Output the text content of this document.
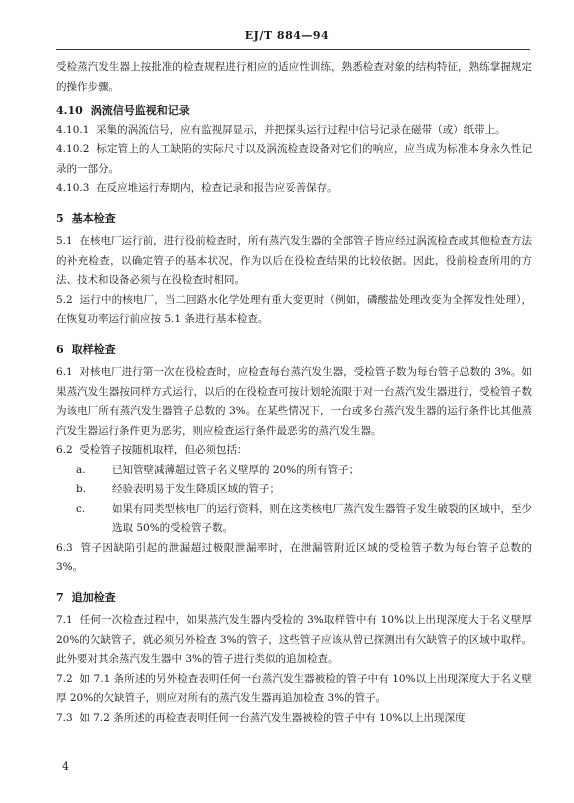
EJ/T 884—94

受检蒸汽发生器上按批准的检查规程进行相应的适应性训练，熟悉检查对象的结构特征，熟练掌握规定的操作步骤。

4.10 涡流信号监视和记录

4.10.1 采集的涡流信号，应有监视屏显示，并把探头运行过程中信号记录在磁带（或）纸带上。

4.10.2 标定管上的人工缺陷的实际尺寸以及涡流检查设备对它们的响应，应当成为标准本身永久性记录的一部分。

4.10.3 在反应堆运行寿期内，检查记录和报告应妥善保存。

5 基本检查

5.1 在核电厂运行前，进行役前检查时，所有蒸汽发生器的全部管子皆应经过涡流检查或其他检查方法的补充检查，以确定管子的基本状况，作为以后在役检查结果的比较依据。因此，役前检查所用的方法、技术和设备必须与在役检查时相同。

5.2 运行中的核电厂，当二回路水化学处理有重大变更时（例如，磷酸盐处理改变为全挥发性处理），在恢复功率运行前应按 5.1 条进行基本检查。

6 取样检查

6.1 对核电厂进行第一次在役检查时，应检查每台蒸汽发生器，受检管子数为每台管子总数的 3%。如果蒸汽发生器按同样方式运行，以后的在役检查可按计划轮流限于对一台蒸汽发生器进行，受检管子数为该电厂所有蒸汽发生器管子总数的 3%。在某些情况下，一台或多台蒸汽发生器的运行条件比其他蒸汽发生器运行条件更为恶劣，则应检查运行条件最恶劣的蒸汽发生器。

6.2 受检管子按随机取样，但必须包括：

a.	已知管壁减薄超过管子名义壁厚的 20%的所有管子；
b.	经验表明易于发生降质区域的管子；
c.	如果有同类型核电厂的运行资料，则在这类核电厂蒸汽发生器管子发生破裂的区域中，至少选取 50%的受检管子数。

6.3 管子因缺陷引起的泄漏超过极限泄漏率时，在泄漏管附近区域的受检管子数为每台管子总数的 3%。

7 追加检查

7.1 任何一次检查过程中，如果蒸汽发生器内受检的 3%取样管中有 10%以上出现深度大于名义壁厚 20%的欠缺管子，就必须另外检查 3%的管子，这些管子应该从曾已探测出有欠缺管子的区域中取样。此外要对其余蒸汽发生器中 3%的管子进行类似的追加检查。

7.2 如 7.1 条所述的另外检查表明任何一台蒸汽发生器被检的管子中有 10%以上出现深度大于名义壁厚 20%的欠缺管子，则应对所有的蒸汽发生器再追加检查 3%的管子。

7.3 如 7.2 条所述的再检查表明任何一台蒸汽发生器被检的管子中有 10%以上出现深度

4
